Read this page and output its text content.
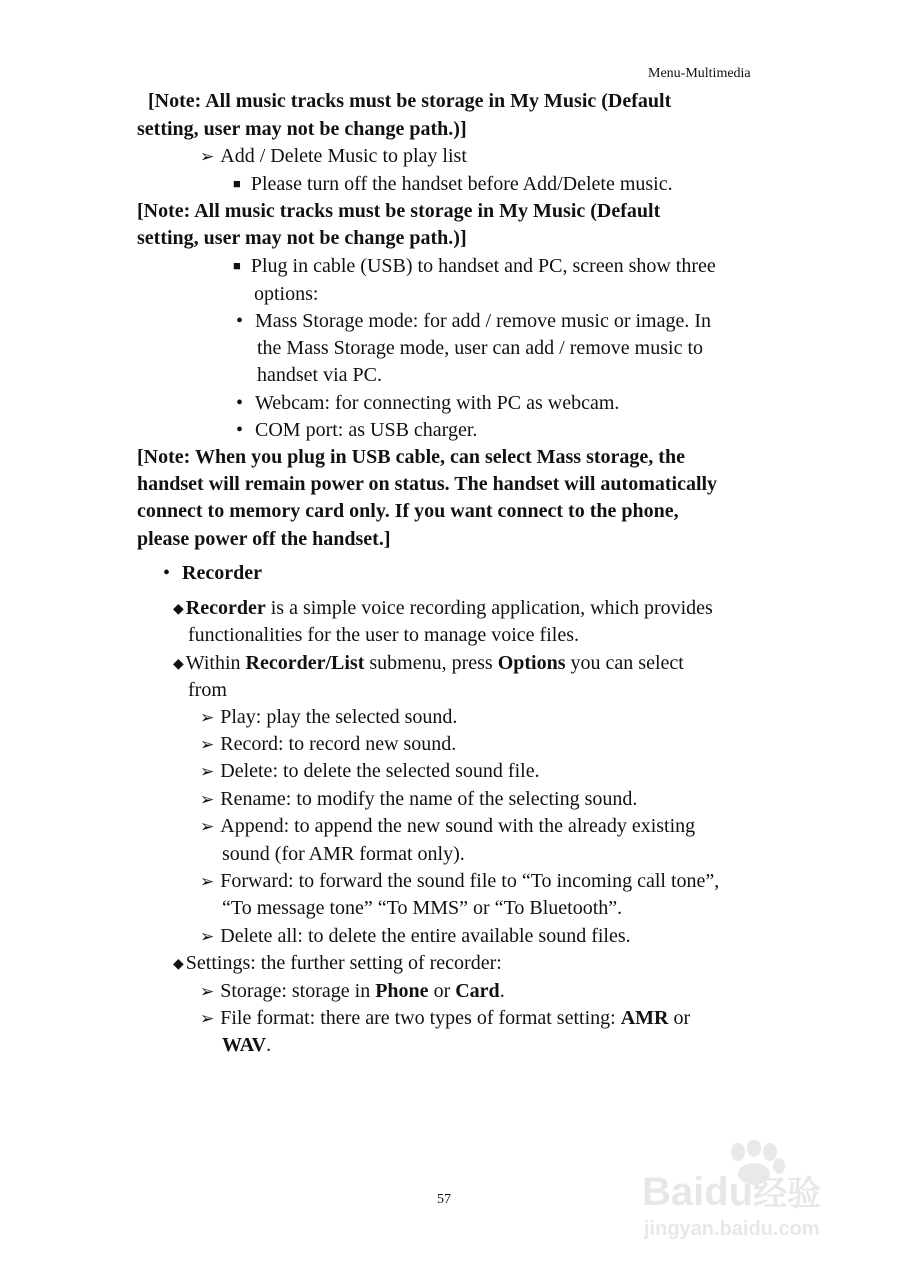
Menu-Multimedia
[Note: All music tracks must be storage in My Music (Default
setting, user may not be change path.)]
➢ Add / Delete Music to play list
■ Please turn off the handset before Add/Delete music.
[Note: All music tracks must be storage in My Music (Default
setting, user may not be change path.)]
■ Plug in cable (USB) to handset and PC, screen show three
options:
• Mass Storage mode: for add / remove music or image. In
the Mass Storage mode, user can add / remove music to
handset via PC.
• Webcam: for connecting with PC as webcam.
• COM port: as USB charger.
[Note: When you plug in USB cable, can select Mass storage, the
handset will remain power on status. The handset will automatically
connect to memory card only. If you want connect to the phone,
please power off the handset.]
• Recorder
◆ Recorder is a simple voice recording application, which provides
functionalities for the user to manage voice files.
◆ Within Recorder/List submenu, press Options you can select
from
➢ Play: play the selected sound.
➢ Record: to record new sound.
➢ Delete: to delete the selected sound file.
➢ Rename: to modify the name of the selecting sound.
➢ Append: to append the new sound with the already existing
sound (for AMR format only).
➢ Forward: to forward the sound file to “To incoming call tone”,
“To message tone” “To MMS” or “To Bluetooth”.
➢ Delete all: to delete the entire available sound files.
◆ Settings: the further setting of recorder:
➢ Storage: storage in Phone or Card.
➢ File format: there are two types of format setting: AMR or
WAV.
57	Baidu经验
jingyan.baidu.com
